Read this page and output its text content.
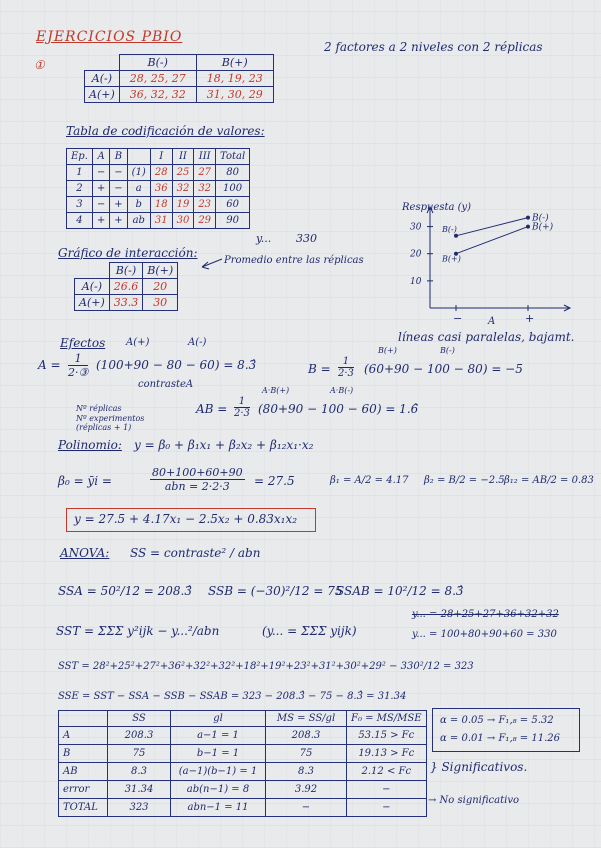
EJERCICIOS PBIO
①
2 factores a 2 niveles con 2 réplicas
	B(-)	B(+)
A(-)	28, 25, 27	18, 19, 23
A(+)	36, 32, 32	31, 30, 29
Tabla de codificación de valores:
Ep.	A	B		I	II	III	Total
1	−	−	(1)	28	25	27	80
2	+	−	a	36	32	32	100
3	−	+	b	18	19	23	60
4	+	+	ab	31	30	29	90
y... 330
Gráfico de interacción:
Promedio entre las réplicas
	B(-)	B(+)
A(-)	26.6	20
A(+)	33.3	30
Respuesta (y)
10
20
30
−	+
A
B(-)
B(-)	B(+)
B(+)
líneas casi paralelas, bajamt.
Efectos A(+)	A(-)
$A = \frac{1}{\text{2·③}} (100+90 - 80 - 60)$ = 8.3̂
contrasteA
Nº réplicas
Nº experimentos (réplicas + 1)
B(+)	B(-)
$B = \frac{1}{2\cdot 3} (60+90 - 100 - 80) = -5$
A·B(+)	A·B(-)
AB = $\frac{1}{2\cdot 3} (80+90 - 100 - 60)$ = 1.6̂
Polinomio: y = β₀ + β₁x₁ + β₂x₂ + β₁₂x₁·x₂
β₀ = ȳi =
80+100+60+90
abn = 2·2·3	= 27.5	β₁ = A/2 = 4.17 β₂ = B/2 = −2.5 β₁₂ = AB/2 = 0.83
y = 27.5 + 4.17x₁ − 2.5x₂ + 0.83x₁x₂
ANOVA: SS = contraste² / abn
SSA = 50²/12 = 208.3̂ SSB = (−30)²/12 = 75
SSAB = 10²/12 = 8.3̂
SST = ΣΣΣ y²ijk − y...²/abn	(y... = ΣΣΣ yijk)
y... = 28+25+27+36+32+32
y... = 100+80+90+60 = 330
SST = 28²+25²+27²+36²+32²+32²+18²+19²+23²+31²+30²+29² − 330²/12 = 323
SSE = SST − SSA − SSB − SSAB = 323 − 208.3̂ − 75 − 8.3̂ = 31.34
	SS	gl	MS = SS/gl	F₀ = MS/MSE
A	208.3	a−1 = 1	208.3	53.15 > Fc
B	75	b−1 = 1	75	19.13 > Fc
AB	8.3	(a−1)(b−1) = 1	8.3	2.12 < Fc
error	31.34	ab(n−1) = 8	3.92	−
TOTAL	323	abn−1 = 11	−	−
α = 0.05 → F₁,₈ = 5.32
α = 0.01 → F₁,₈ = 11.26
} Significativos.
→ No significativo
